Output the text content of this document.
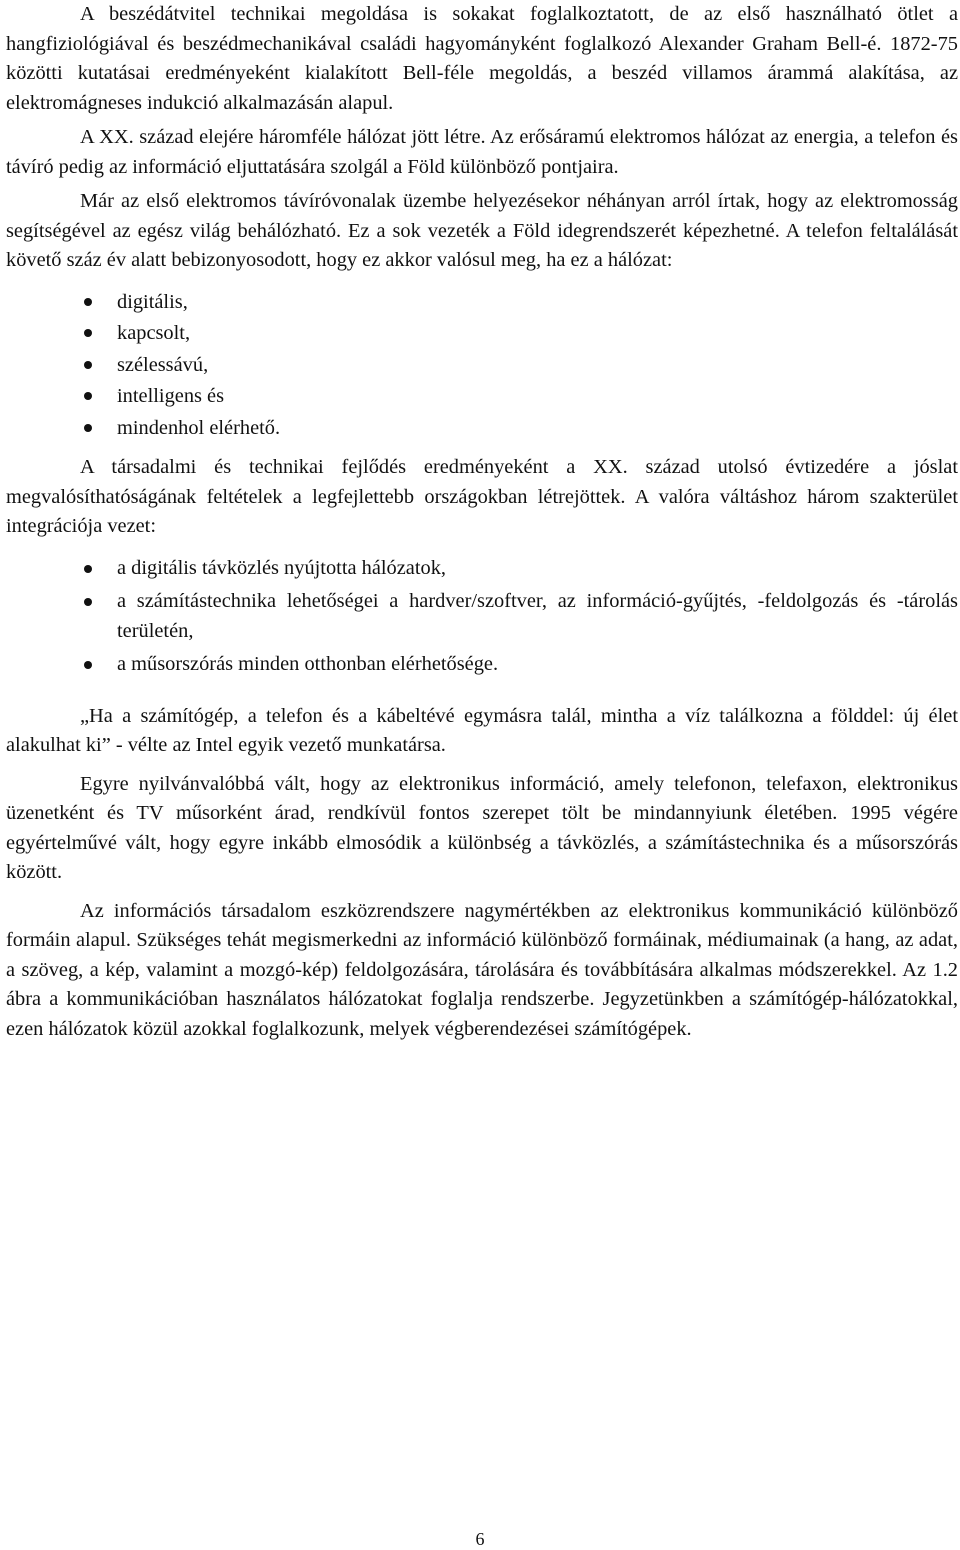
A beszédátvitel technikai megoldása is sokakat foglalkoztatott, de az első használható ötlet a hangfiziológiával és beszédmechanikával családi hagyományként foglalkozó Alexander Graham Bell-é. 1872-75 közötti kutatásai eredményeként kialakított Bell-féle megoldás, a beszéd villamos árammá alakítása, az elektromágneses indukció alkalmazásán alapul.

A XX. század elejére háromféle hálózat jött létre. Az erősáramú elektromos hálózat az energia, a telefon és távíró pedig az információ eljuttatására szolgál a Föld különböző pontjaira.

Már az első elektromos távíróvonalak üzembe helyezésekor néhányan arról írtak, hogy az elektromosság segítségével az egész világ behálózható. Ez a sok vezeték a Föld idegrendszerét képezhetné. A telefon feltalálását követő száz év alatt bebizonyosodott, hogy ez akkor valósul meg, ha ez a hálózat:

digitális,
kapcsolt,
szélessávú,
intelligens és
mindenhol elérhető.

A társadalmi és technikai fejlődés eredményeként a XX. század utolsó évtizedére a jóslat megvalósíthatóságának feltételek a legfejlettebb országokban létrejöttek. A valóra váltáshoz három szakterület integrációja vezet:

a digitális távközlés nyújtotta hálózatok,
a számítástechnika lehetőségei a hardver/szoftver, az információ-gyűjtés, -feldolgozás és -tárolás területén,
a műsorszórás minden otthonban elérhetősége.

„Ha a számítógép, a telefon és a kábeltévé egymásra talál, mintha a víz találkozna a földdel: új élet alakulhat ki” - vélte az Intel egyik vezető munkatársa.

Egyre nyilvánvalóbbá vált, hogy az elektronikus információ, amely telefonon, telefaxon, elektronikus üzenetként és TV műsorként árad, rendkívül fontos szerepet tölt be mindannyiunk életében. 1995 végére egyértelművé vált, hogy egyre inkább elmosódik a különbség a távközlés, a számítástechnika és a műsorszórás között.

Az információs társadalom eszközrendszere nagymértékben az elektronikus kommunikáció különböző formáin alapul. Szükséges tehát megismerkedni az információ különböző formáinak, médiumainak (a hang, az adat, a szöveg, a kép, valamint a mozgó-kép) feldolgozására, tárolására és továbbítására alkalmas módszerekkel. Az 1.2 ábra a kommunikációban használatos hálózatokat foglalja rendszerbe. Jegyzetünkben a számítógép-hálózatokkal, ezen hálózatok közül azokkal foglalkozunk, melyek végberendezései számítógépek.

6
